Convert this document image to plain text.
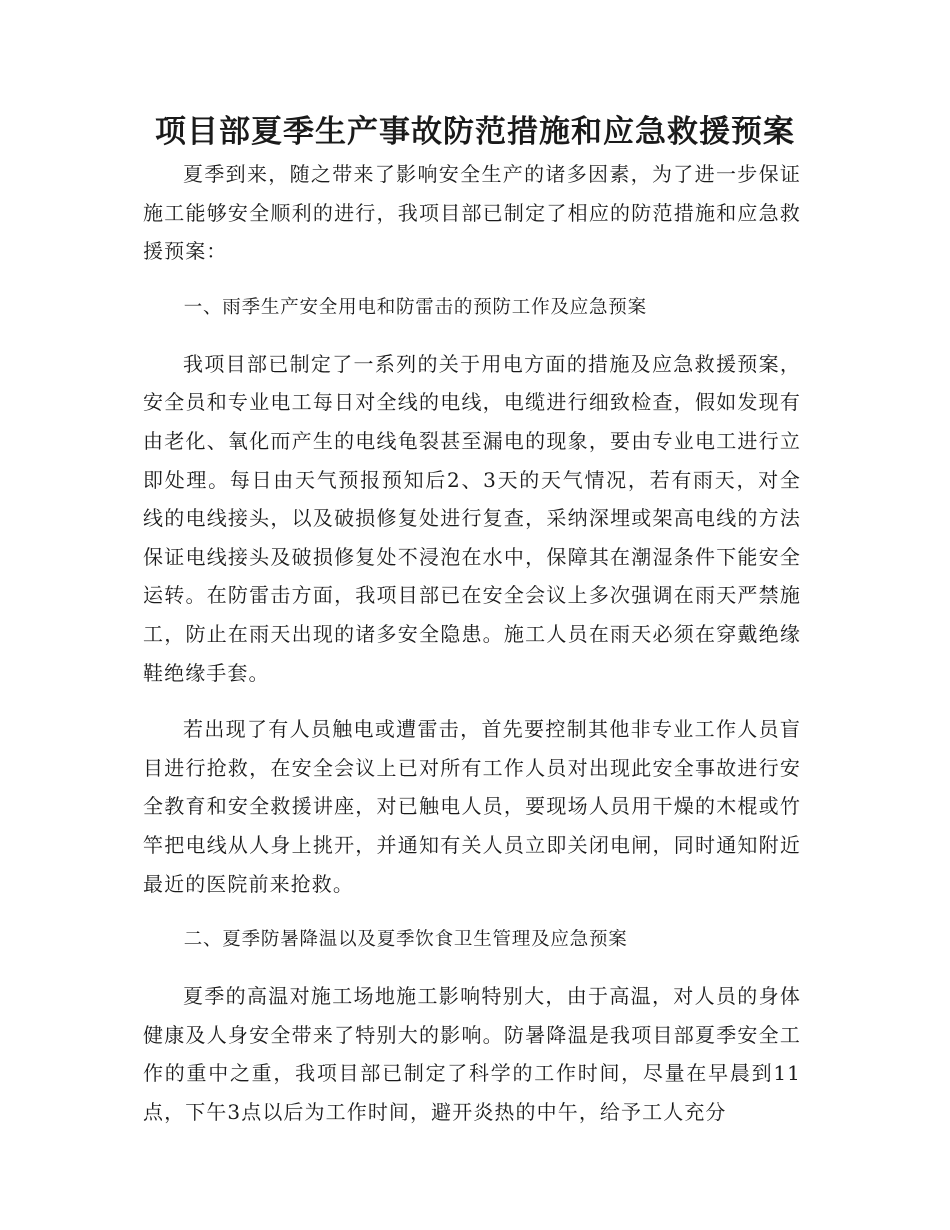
项目部夏季生产事故防范措施和应急救援预案

夏季到来，随之带来了影响安全生产的诸多因素，为了进一步保证施工能够安全顺利的进行，我项目部已制定了相应的防范措施和应急救援预案：

一、雨季生产安全用电和防雷击的预防工作及应急预案

我项目部已制定了一系列的关于用电方面的措施及应急救援预案，安全员和专业电工每日对全线的电线，电缆进行细致检查，假如发现有由老化、氧化而产生的电线龟裂甚至漏电的现象，要由专业电工进行立即处理。每日由天气预报预知后2、3天的天气情况，若有雨天，对全线的电线接头，以及破损修复处进行复查，采纳深埋或架高电线的方法保证电线接头及破损修复处不浸泡在水中，保障其在潮湿条件下能安全运转。在防雷击方面，我项目部已在安全会议上多次强调在雨天严禁施工，防止在雨天出现的诸多安全隐患。施工人员在雨天必须在穿戴绝缘鞋绝缘手套。

若出现了有人员触电或遭雷击，首先要控制其他非专业工作人员盲目进行抢救，在安全会议上已对所有工作人员对出现此安全事故进行安全教育和安全救援讲座，对已触电人员，要现场人员用干燥的木棍或竹竿把电线从人身上挑开，并通知有关人员立即关闭电闸，同时通知附近最近的医院前来抢救。

二、夏季防暑降温以及夏季饮食卫生管理及应急预案

夏季的高温对施工场地施工影响特别大，由于高温，对人员的身体健康及人身安全带来了特别大的影响。防暑降温是我项目部夏季安全工作的重中之重，我项目部已制定了科学的工作时间，尽量在早晨到11点，下午3点以后为工作时间，避开炎热的中午，给予工人充分
